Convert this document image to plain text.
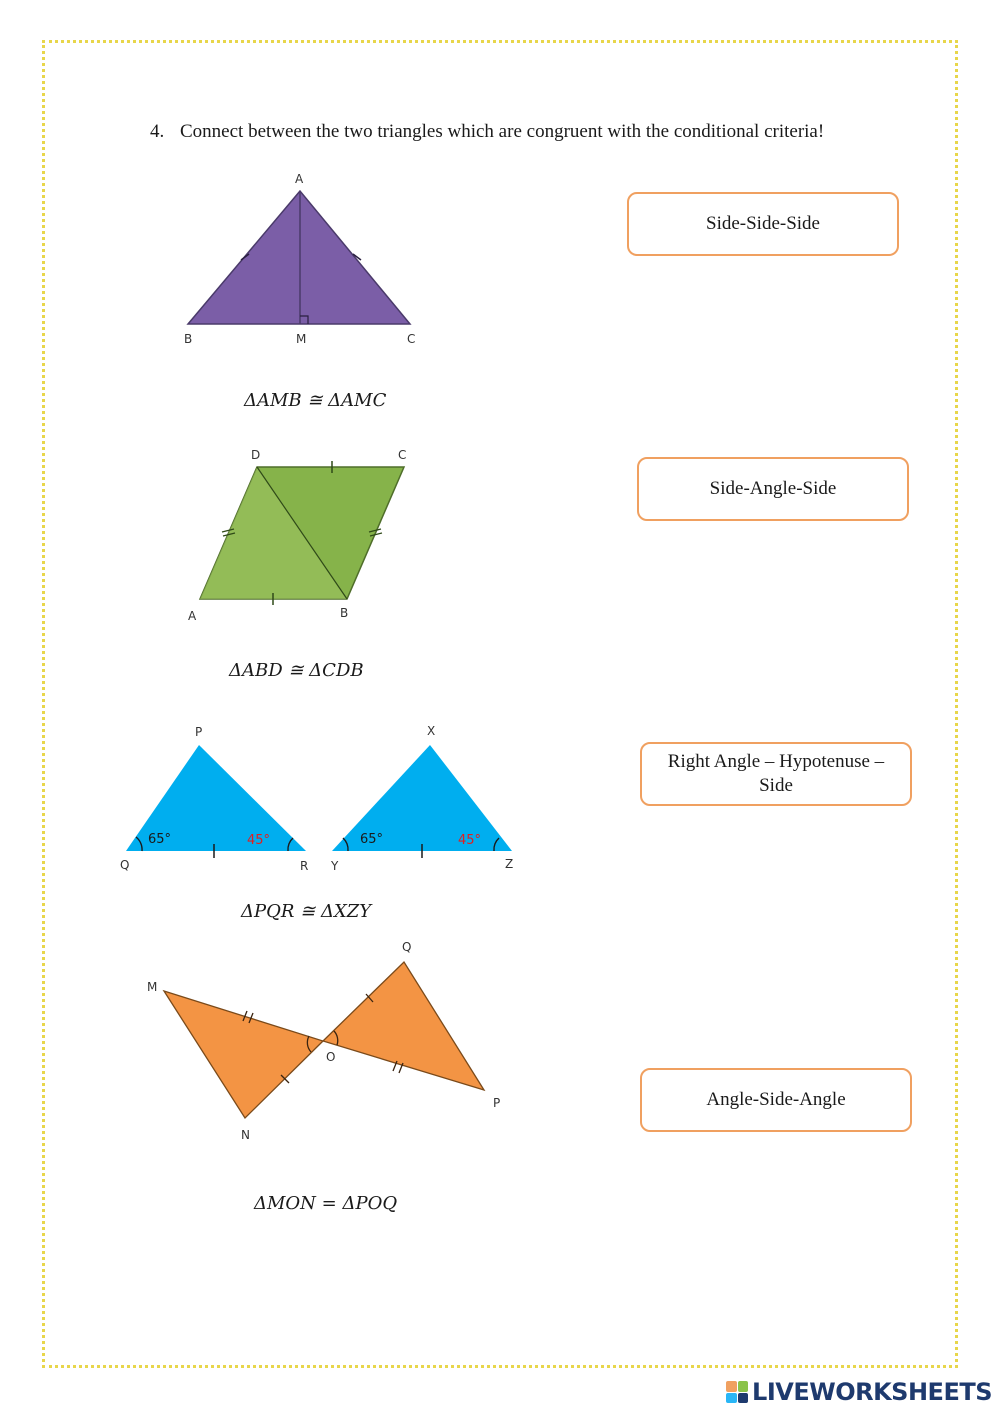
4. Connect between the two triangles which are congruent with the conditional criteria!
A
B	M	C
ΔAMB ≅ ΔAMC
D	C
A	B
ΔABD ≅ ΔCDB
65°	45°	65°	45°
P
Q	R
X
Y	Z
ΔPQR ≅ ΔXZY
M
Q
O
N
P
ΔMON = ΔPOQ
Side-Side-Side
Side-Angle-Side
Right Angle – Hypotenuse – Side
Angle-Side-Angle
LIVEWORKSHEETS
